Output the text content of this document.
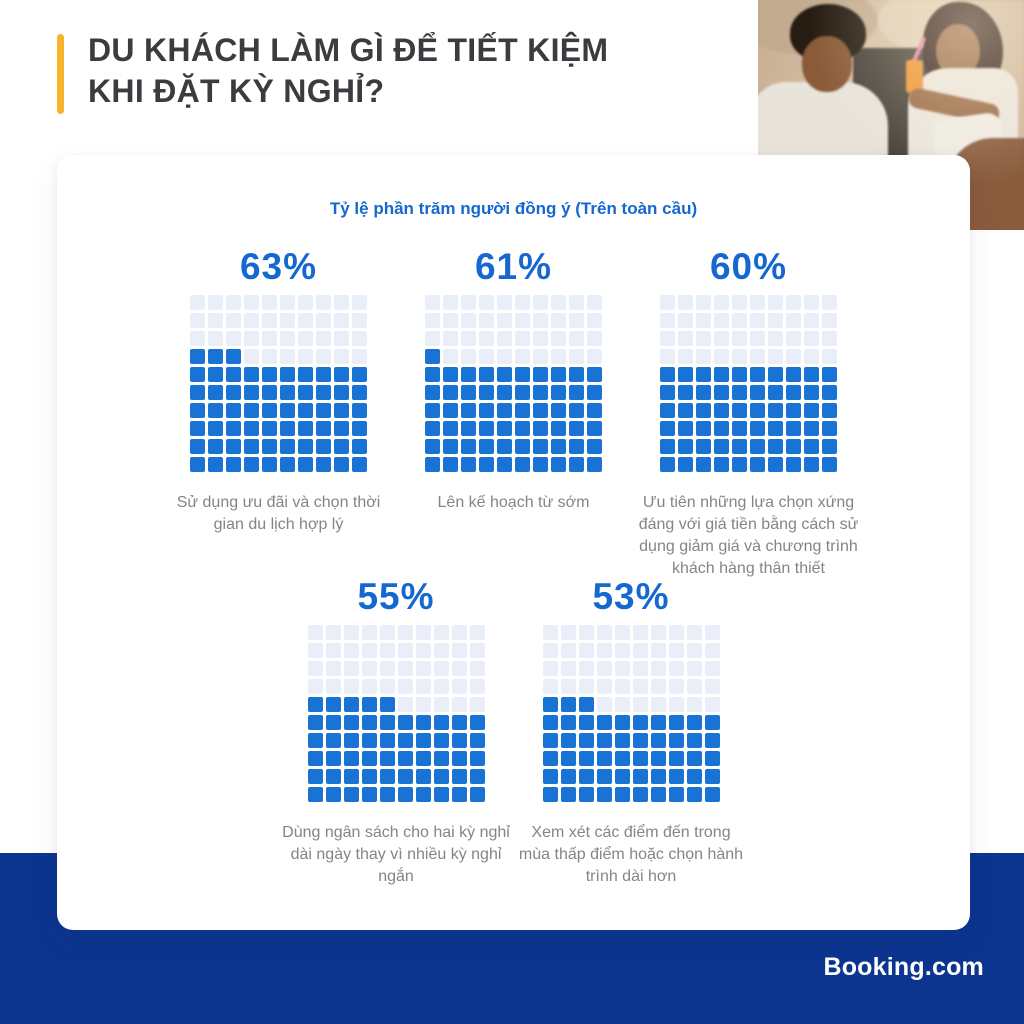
DU KHÁCH LÀM GÌ ĐỂ TIẾT KIỆM
KHI ĐẶT KỲ NGHỈ?
Booking.com
Tỷ lệ phần trăm người đồng ý (Trên toàn cầu)
63%
Sử dụng ưu đãi và chọn thời gian du lịch hợp lý
61%
Lên kế hoạch từ sớm
60%
Ưu tiên những lựa chọn xứng đáng với giá tiền bằng cách sử dụng giảm giá và chương trình khách hàng thân thiết
55%
Dùng ngân sách cho hai kỳ nghỉ dài ngày thay vì nhiều kỳ nghỉ ngắn
53%
Xem xét các điểm đến trong mùa thấp điểm hoặc chọn hành trình dài hơn
